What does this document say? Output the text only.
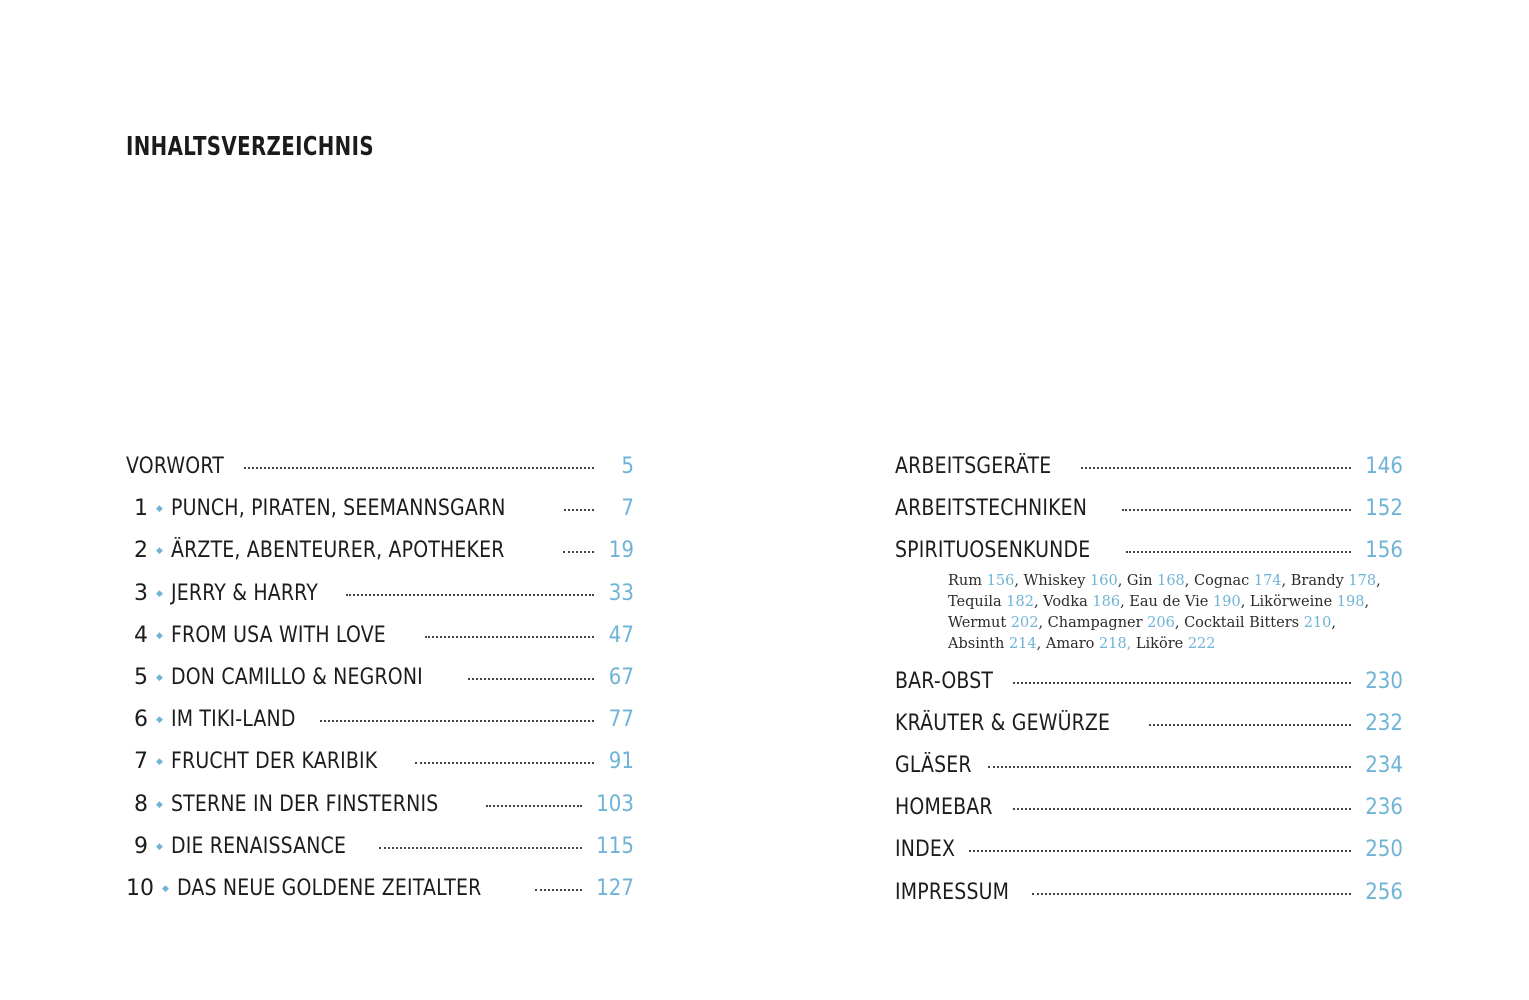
INHALTSVERZEICHNIS
VORWORT	5
1 ◆ PUNCH, PIRATEN, SEEMANNSGARN	7
2 ◆ ÄRZTE, ABENTEURER, APOTHEKER	19
3 ◆ JERRY & HARRY	33
4 ◆ FROM USA WITH LOVE	47
5 ◆ DON CAMILLO & NEGRONI	67
6 ◆ IM TIKI-LAND	77
7 ◆ FRUCHT DER KARIBIK	91
8 ◆ STERNE IN DER FINSTERNIS	103
9 ◆ DIE RENAISSANCE	115
10 ◆ DAS NEUE GOLDENE ZEITALTER	127
ARBEITSGERÄTE	146
ARBEITSTECHNIKEN	152
SPIRITUOSENKUNDE	156
Rum 156, Whiskey 160, Gin 168, Cognac 174, Brandy 178,
Tequila 182, Vodka 186, Eau de Vie 190, Likörweine 198,
Wermut 202, Champagner 206, Cocktail Bitters 210,
Absinth 214, Amaro 218, Liköre 222
BAR-OBST	230
KRÄUTER & GEWÜRZE	232
GLÄSER	234
HOMEBAR	236
INDEX	250
IMPRESSUM	256
